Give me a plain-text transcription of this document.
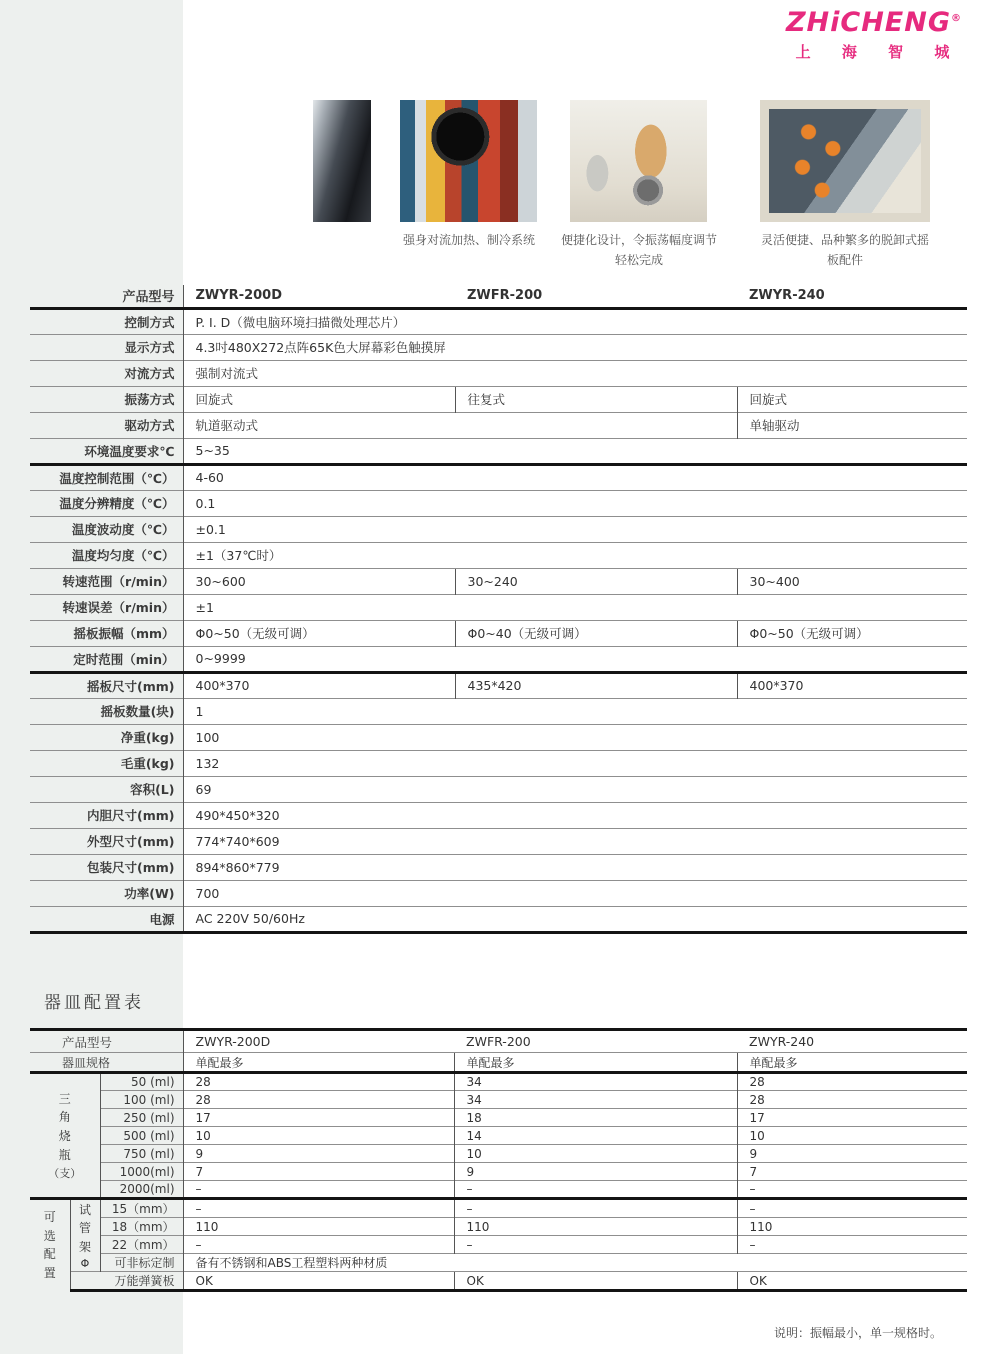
ZHiCHENG®
上 海 智 城
强身对流加热、制冷系统	便捷化设计，令振荡幅度调节轻松完成
灵活便捷、品种繁多的脱卸式摇板配件
产品型号	ZWYR-200D	ZWFR-200	ZWYR-240
控制方式	P. I. D（微电脑环境扫描微处理芯片）		
显示方式	4.3吋480X272点阵65K色大屏幕彩色触摸屏		
对流方式	强制对流式		
振荡方式	回旋式	往复式	回旋式
驱动方式	轨道驱动式		单轴驱动
环境温度要求℃	5~35		
温度控制范围（℃）	4-60		
温度分辨精度（℃）	0.1		
温度波动度（℃）	±0.1		
温度均匀度（℃）	±1（37℃时）		
转速范围（r/min）	30~600	30~240	30~400
转速误差（r/min）	±1		
摇板振幅（mm）	Φ0~50（无级可调）	Φ0~40（无级可调）	Φ0~50（无级可调）
定时范围（min）	0~9999		
摇板尺寸(mm)	400*370	435*420	400*370
摇板数量(块)	1		
净重(kg)	100		
毛重(kg)	132		
容积(L)	69		
内胆尺寸(mm)	490*450*320		
外型尺寸(mm)	774*740*609		
包装尺寸(mm)	894*860*779		
功率(W)	700		
电源	AC 220V 50/60Hz		
器皿配置表
产品型号			ZWYR-200D	ZWFR-200	ZWYR-240
器皿规格			单配最多	单配最多	单配最多

三角烧瓶
（支）		50 (ml)	28	34	28
		100 (ml)	28	34	28
		250 (ml)	17	18	17
		500 (ml)	10	14	10
		750 (ml)	9	10	9
		1000(ml)	7	9	7
		2000(ml)	–	–	–

可选配置	试管架
Φ	15（mm）	–	–	–
		18（mm）	110	110	110
		22（mm）	–	–	–
		可非标定制	备有不锈钢和ABS工程塑料两种材质		
	万能弹簧板		OK	OK	OK
说明：振幅最小，单一规格时。
